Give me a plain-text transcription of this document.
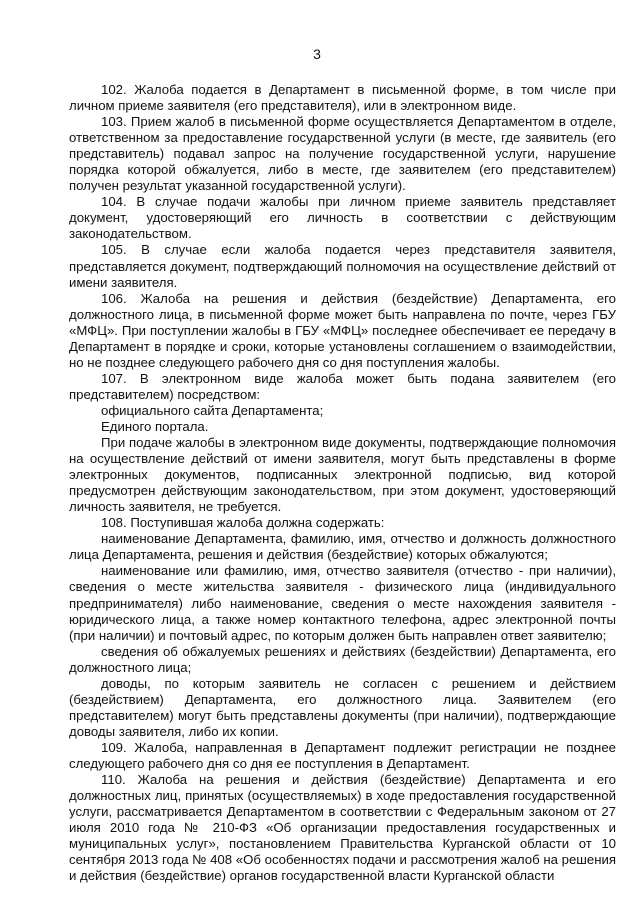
3

102. Жалоба подается в Департамент в письменной форме, в том числе при личном приеме заявителя (его представителя), или в электронном виде.

103. Прием жалоб в письменной форме осуществляется Департаментом в отделе, ответственном за предоставление государственной услуги (в месте, где заявитель (его представитель) подавал запрос на получение государственной услуги, нарушение порядка которой обжалуется, либо в месте, где заявителем (его представителем) получен результат указанной государственной услуги).

104. В случае подачи жалобы при личном приеме заявитель представляет документ, удостоверяющий его личность в соответствии с действующим законодательством.

105. В случае если жалоба подается через представителя заявителя, представляется документ, подтверждающий полномочия на осуществление действий от имени заявителя.

106. Жалоба на решения и действия (бездействие) Департамента, его должностного лица, в письменной форме может быть направлена по почте, через ГБУ «МФЦ». При поступлении жалобы в ГБУ «МФЦ» последнее обеспечивает ее передачу в Департамент в порядке и сроки, которые установлены соглашением о взаимодействии, но не позднее следующего рабочего дня со дня поступления жалобы.

107. В электронном виде жалоба может быть подана заявителем (его представителем) посредством:

официального сайта Департамента;

Единого портала.

При подаче жалобы в электронном виде документы, подтверждающие полномочия на осуществление действий от имени заявителя, могут быть представлены в форме электронных документов, подписанных электронной подписью, вид которой предусмотрен действующим законодательством, при этом документ, удостоверяющий личность заявителя, не требуется.

108. Поступившая жалоба должна содержать:

наименование Департамента, фамилию, имя, отчество и должность должностного лица Департамента, решения и действия (бездействие) которых обжалуются;

наименование или фамилию, имя, отчество заявителя (отчество - при наличии), сведения о месте жительства заявителя - физического лица (индивидуального предпринимателя) либо наименование, сведения о месте нахождения заявителя - юридического лица, а также номер контактного телефона, адрес электронной почты (при наличии) и почтовый адрес, по которым должен быть направлен ответ заявителю;

сведения об обжалуемых решениях и действиях (бездействии) Департамента, его должностного лица;

доводы, по которым заявитель не согласен с решением и действием (бездействием) Департамента, его должностного лица. Заявителем (его представителем) могут быть представлены документы (при наличии), подтверждающие доводы заявителя, либо их копии.

109. Жалоба, направленная в Департамент подлежит регистрации не позднее следующего рабочего дня со дня ее поступления в Департамент.

110. Жалоба на решения и действия (бездействие) Департамента и его должностных лиц, принятых (осуществляемых) в ходе предоставления государственной услуги, рассматривается Департаментом в соответствии с Федеральным законом от 27 июля 2010 года № 210-ФЗ «Об организации предоставления государственных и муниципальных услуг», постановлением Правительства Курганской области от 10 сентября 2013 года № 408 «Об особенностях подачи и рассмотрения жалоб на решения и действия (бездействие) органов государственной власти Курганской области
